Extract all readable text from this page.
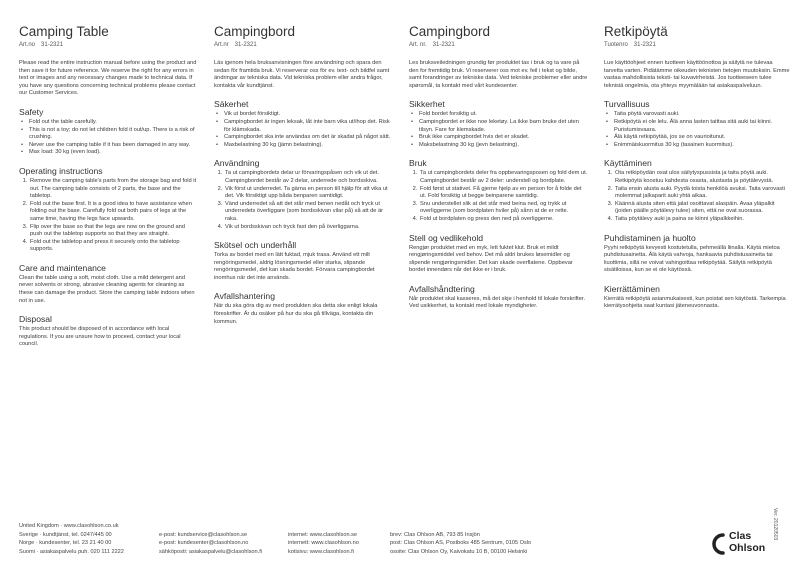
Camping Table
Art.no 31-2321

Please read the entire instruction manual before using the product and then save it for future reference. We reserve the right for any errors in text or images and any necessary changes made to technical data. If you have any questions concerning technical problems please contact our Customer Services.

Safety
• Fold out the table carefully.
• This is not a toy; do not let children fold it out/up. There is a risk of crushing.
• Never use the camping table if it has been damaged in any way.
• Max load: 30 kg (even load).
Operating instructions
1. Remove the camping table's parts from the storage bag and fold it out. The camping table consists of 2 parts, the base and the tabletop.
2. Fold out the base first. It is a good idea to have assistance when folding out the base. Carefully fold out both pairs of legs at the same time, having the legs face upwards.
3. Flip over the base so that the legs are now on the ground and push out the tabletop supports so that they are straight.
4. Fold out the tabletop and press it securely onto the tabletop supports.
Care and maintenance

Clean the table using a soft, moist cloth. Use a mild detergent and never solvents or strong, abrasive cleaning agents for cleaning as these can damage the product. Store the camping table indoors when not in use.

Disposal

This product should be disposed of in accordance with local regulations. If you are unsure how to proceed, contact your local council.

Campingbord
Art.nr 31-2321

Läs igenom hela bruksanvisningen före användning och spara den sedan för framtida bruk. Vi reserverar oss för ev. text- och bildfel samt ändringar av tekniska data. Vid tekniska problem eller andra frågor, kontakta vår kundtjänst.

Säkerhet
• Vik ut bordet försiktigt.
• Campingbordet är ingen leksak, låt inte barn vika ut/ihop det. Risk för klämskada.
• Campingbordet ska inte användas om det är skadat på något sätt.
• Maxbelastning 30 kg (jämn belastning).
Användning
1. Ta ut campingbordets delar ur förvaringspåsen och vik ut det. Campingbordet består av 2 delar, underrede och bordsskiva.
2. Vik först ut underredet. Ta gärna en person till hjälp för att vika ut det. Vik försiktigt upp båda benparen samtidigt.
3. Vänd underredet så att det står med benen nedåt och tryck ut underredets överliggare (som bordsskivan vilar på) så att de är raka.
4. Vik ut bordsskivan och tryck fast den på överliggarna.
Skötsel och underhåll

Torka av bordet med en lätt fuktad, mjuk trasa. Använd ett milt rengöringsmedel, aldrig lösningsmedel eller starka, slipande rengöringsmedel, det kan skada bordet. Förvara campingbordet inomhus när det inte används.

Avfallshantering

När du ska göra dig av med produkten ska detta ske enligt lokala föreskrifter. Är du osäker på hur du ska gå tillväga, kontakta din kommun.

Campingbord
Art. nr. 31-2321

Les bruksveiledningen grundig før produktet tas i bruk og ta vare på den for fremtidig bruk. Vi reserverer oss mot ev. feil i tekst og bilde, samt forandringer av tekniske data. Ved tekniske problemer eller andre spørsmål, ta kontakt med vårt kundesenter.

Sikkerhet
• Fold bordet forsiktig ut.
• Campingbordet er ikke noe leketøy. La ikke barn bruke det uten tilsyn. Fare for klemskade.
• Bruk ikke campingbordet hvis det er skadet.
• Maksbelastning 30 kg (jevn belastning).
Bruk
1. Ta ut campingbordets deler fra oppbevaringsposen og fold dem ut. Campingbordet består av 2 deler: understell og bordplate.
2. Fold først ut stativet. Få gjerne hjelp av en person for å folde det ut. Fold forsiktig ut begge beinparene samtidig.
3. Snu understellet slik at det står med beina ned, og trykk ut overliggerne (som bordplaten hviler på) sånn at de er rette.
4. Fold ut bordplaten og press den ned på overliggerne.
Stell og vedlikehold

Rengjør produktet med en myk, lett fuktet klut. Bruk et mildt rengjøringsmiddel ved behov. Det må aldri brukes løsemidler og slipende rengjøringsmidler. Det kan skade overflatene. Oppbevar bordet innendørs når det ikke er i bruk.

Avfallshåndtering

Når produktet skal kasseres, må det skje i henhold til lokale forskrifter. Ved usikkerhet, ta kontakt med lokale myndigheter.

Retkipöytä
Tuotenro 31-2321

Lue käyttöohjeet ennen tuotteen käyttöönottoa ja säilytä ne tulevaa tarvetta varten. Pidätämme oikeuden teknisten tietojen muutoksiin. Emme vastaa mahdollisista teksti- tai kuvavirheistä. Jos tuotteeseen tulee teknisiä ongelmia, ota yhteys myymälään tai asiakaspalveluun.

Turvallisuus
• Taita pöytä varovasti auki.
• Retkipöytä ei ole lelu. Älä anna lasten taittaa sitä auki tai kiinni. Puristumisvaara.
• Älä käytä retkipöytää, jos se on vaurioitunut.
• Enimmäiskuormitus 30 kg (tasainen kuormitus).
Käyttäminen
1. Ota retkipöydän osat ulos säilytyspussista ja taita pöytä auki. Retkipöytä koostuu kahdesta osasta, alustasta ja pöytälevystä.
2. Taita ensin alusta auki. Pyydä toista henkilöä avuksi. Taita varovasti molemmat jalkaparit auki yhtä aikaa.
3. Käännä alusta siten että jalat osoittavat alaspäin. Avaa yläpalkit (joiden päälle pöytälevy tulee) siten, että ne ovat suorassa.
4. Taita pöytälevy auki ja paina se kiinni yläpalkkeihin.
Puhdistaminen ja huolto

Pyyhi retkipöytä kevyesti kostutetulla, pehmeällä liinalla. Käytä mietoa puhdistusainetta. Älä käytä vahvoja, hankaavia puhdistusaineita tai liuottimia, sillä ne voivat vahingoittaa retkipöytää. Säilytä retkipöytä sisätiloissa, kun se ei ole käytössä.

Kierrättäminen

Kierrätä retkipöytä asianmukaisesti, kun poistat sen käytöstä. Tarkempia kierrätysohjeita saat kuntasi jäteneuvonnasta.

United Kingdom · www.clasohlson.co.uk
Sverige · kundtjänst, tel. 0247/445 00
Norge · kundesenter, tel. 23 21 40 00
Suomi · asiakaspalvelu puh. 020 111 2222

e-post: kundservice@clasohlson.se
e-post: kundesenter@clasohlson.no
sähköposti: asiakaspalvelu@clasohlson.fi

internet: www.clasohlson.se
internett: www.clasohlson.no
kotisivu: www.clasohlson.fi

brev: Clas Ohlson AB, 793 85 Insjön
post: Clas Ohlson AS, Postboks 485 Sentrum, 0105 Oslo
osoite: Clas Ohlson Oy, Kaivokatu 10 B, 00100 Helsinki
Ver. 20120503
Clas
Ohlson
